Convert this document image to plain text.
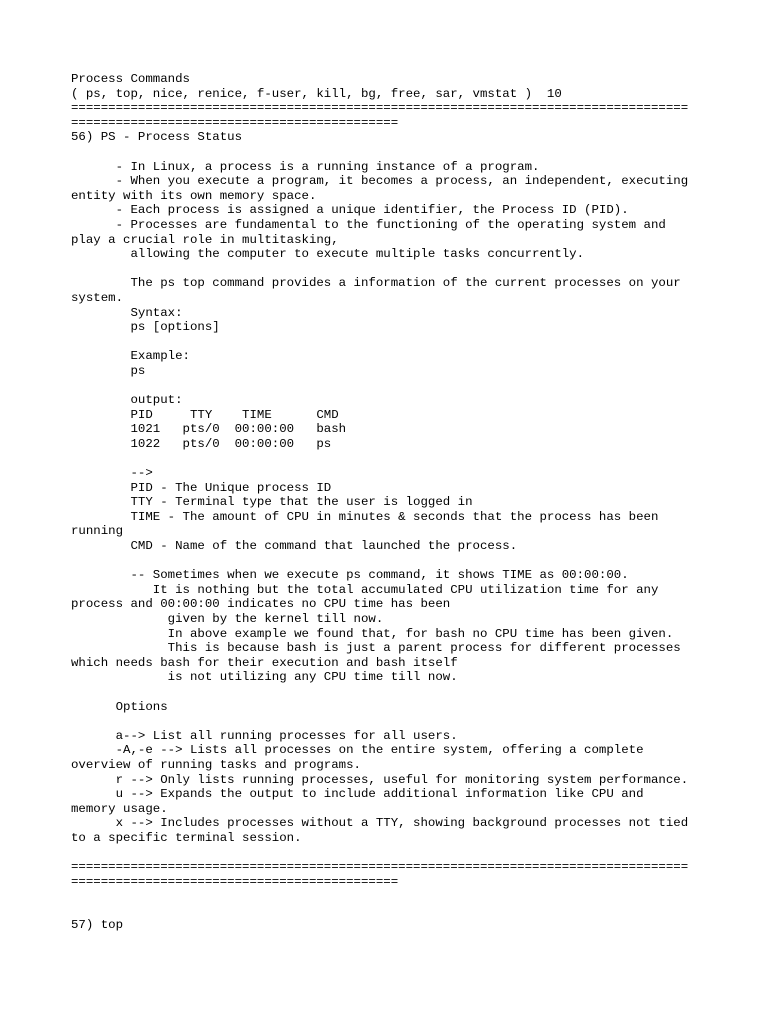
Process Commands
( ps, top, nice, renice, f-user, kill, bg, free, sar, vmstat )  10
===================================================================================
============================================
56) PS - Process Status
- In Linux, a process is a running instance of a program.
- When you execute a program, it becomes a process, an independent, executing
entity with its own memory space.
- Each process is assigned a unique identifier, the Process ID (PID).
- Processes are fundamental to the functioning of the operating system and
play a crucial role in multitasking,
allowing the computer to execute multiple tasks concurrently.
The ps top command provides a information of the current processes on your
system.
Syntax:
ps [options]
Example:
ps
output:
PID     TTY    TIME      CMD
1021   pts/0  00:00:00   bash
1022   pts/0  00:00:00   ps
-->
PID - The Unique process ID
TTY - Terminal type that the user is logged in
TIME - The amount of CPU in minutes & seconds that the process has been
running
CMD - Name of the command that launched the process.
-- Sometimes when we execute ps command, it shows TIME as 00:00:00.
It is nothing but the total accumulated CPU utilization time for any
process and 00:00:00 indicates no CPU time has been
given by the kernel till now.
In above example we found that, for bash no CPU time has been given.
This is because bash is just a parent process for different processes
which needs bash for their execution and bash itself
is not utilizing any CPU time till now.
Options
a--> List all running processes for all users.
-A,-e --> Lists all processes on the entire system, offering a complete
overview of running tasks and programs.
r --> Only lists running processes, useful for monitoring system performance.
u --> Expands the output to include additional information like CPU and
memory usage.
x --> Includes processes without a TTY, showing background processes not tied
to a specific terminal session.
===================================================================================
============================================
57) top
